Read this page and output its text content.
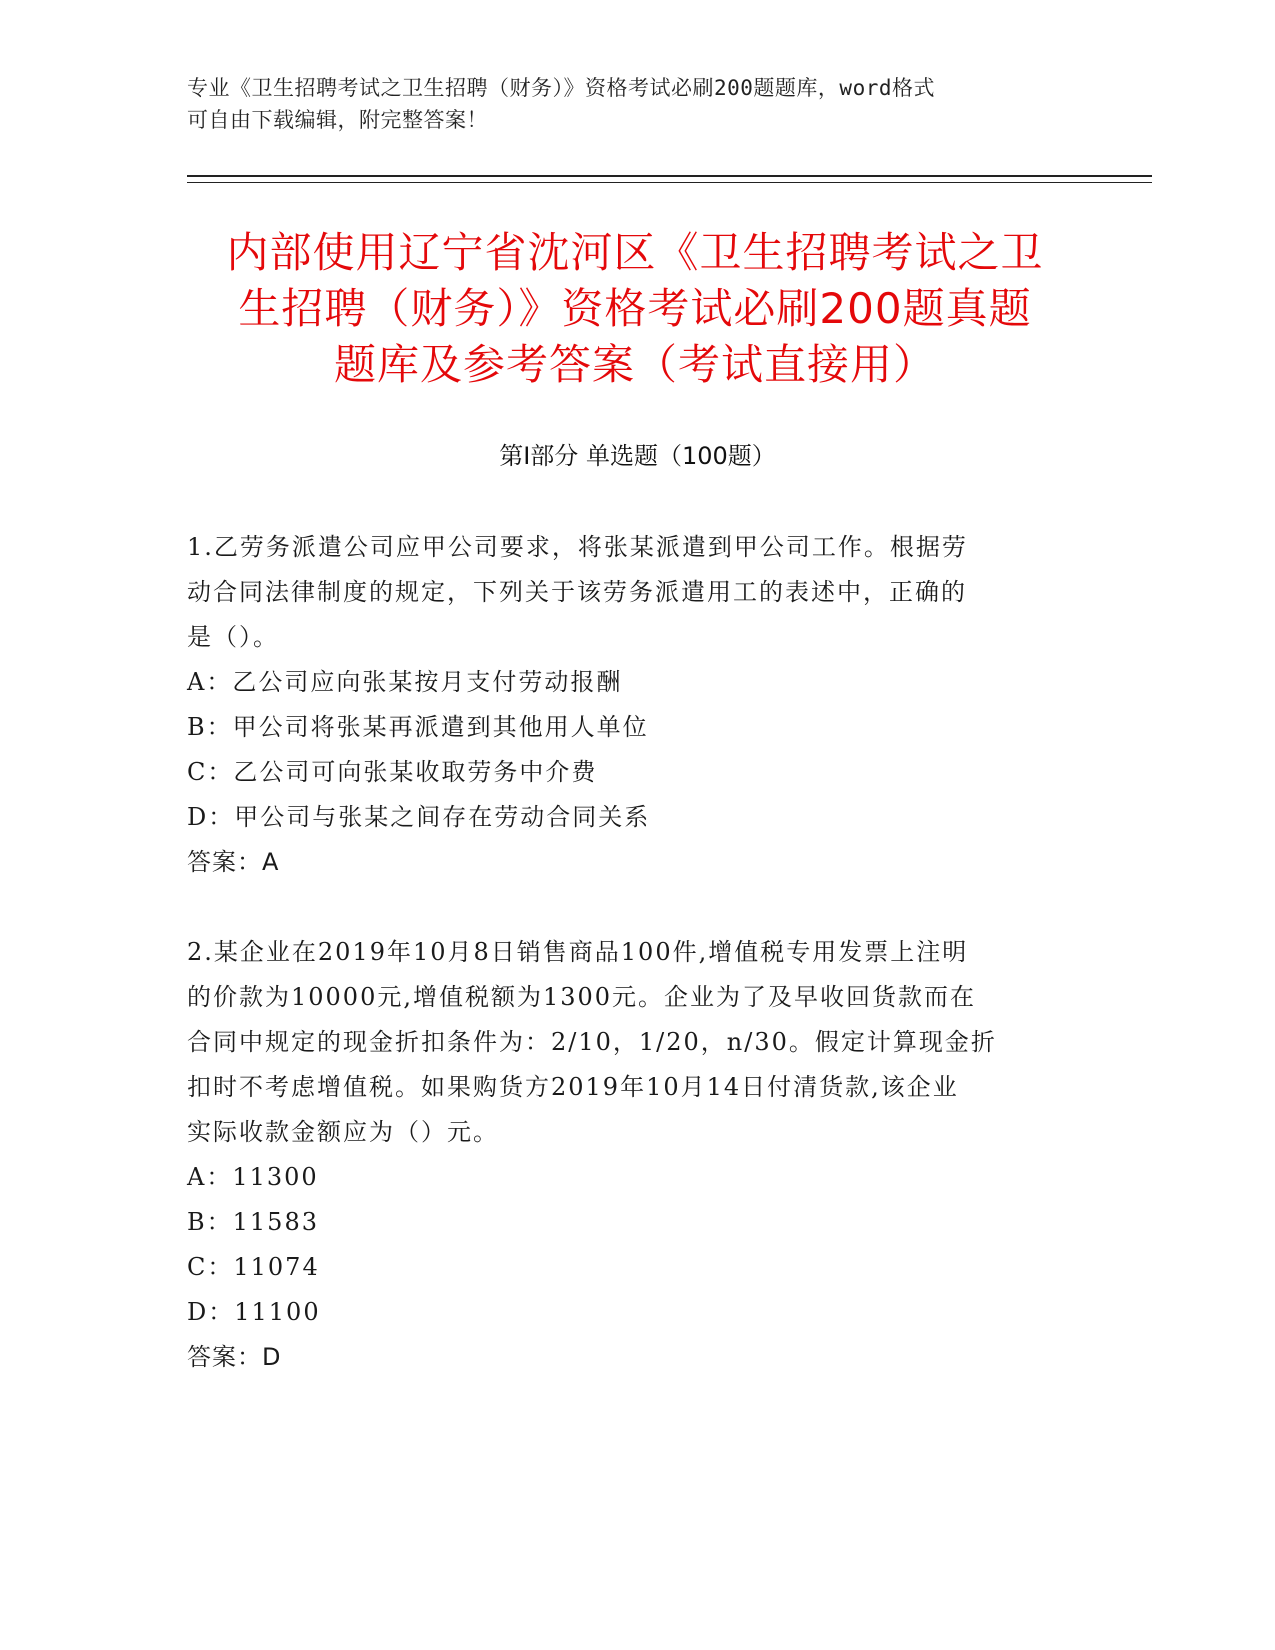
专业《卫生招聘考试之卫生招聘（财务）》资格考试必刷200题题库，word格式
可自由下载编辑，附完整答案！
内部使用辽宁省沈河区《卫生招聘考试之卫
生招聘（财务）》资格考试必刷200题真题
题库及参考答案（考试直接用）
第Ⅰ部分 单选题（100题）
1.乙劳务派遣公司应甲公司要求，将张某派遣到甲公司工作。根据劳
动合同法律制度的规定，下列关于该劳务派遣用工的表述中，正确的
是（）。
A：乙公司应向张某按月支付劳动报酬
B：甲公司将张某再派遣到其他用人单位
C：乙公司可向张某收取劳务中介费
D：甲公司与张某之间存在劳动合同关系
答案：A
2.某企业在2019年10月8日销售商品100件,增值税专用发票上注明
的价款为10000元,增值税额为1300元。企业为了及早收回货款而在
合同中规定的现金折扣条件为：2/10，1/20，n/30。假定计算现金折
扣时不考虑增值税。如果购货方2019年10月14日付清货款,该企业
实际收款金额应为（）元。
A：11300
B：11583
C：11074
D：11100
答案：D
